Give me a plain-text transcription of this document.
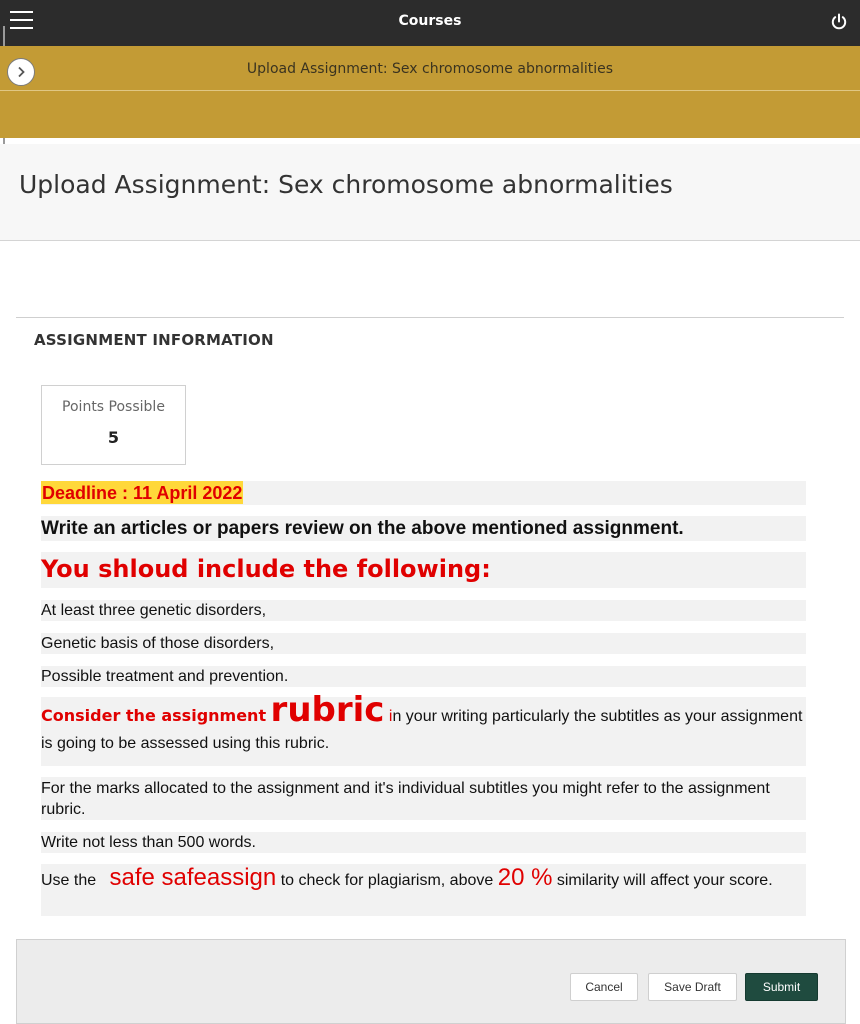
Courses
Upload Assignment: Sex chromosome abnormalities
Upload Assignment: Sex chromosome abnormalities
ASSIGNMENT INFORMATION
Points Possible
5
Deadline : 11 April 2022
Write an articles or papers review on the above mentioned assignment.
You shloud include the following:
At least three genetic disorders,
Genetic basis of those disorders,
Possible treatment and prevention.
Consider the assignment rubric in your writing particularly the subtitles as your assignment is going to be assessed using this rubric.
For the marks allocated to the assignment and it's individual subtitles you might refer to the assignment rubric.
Write not less than 500 words.
Use the safe safeassign to check for plagiarism, above 20 % similarity will affect your score.
Cancel	Save Draft	Submit
